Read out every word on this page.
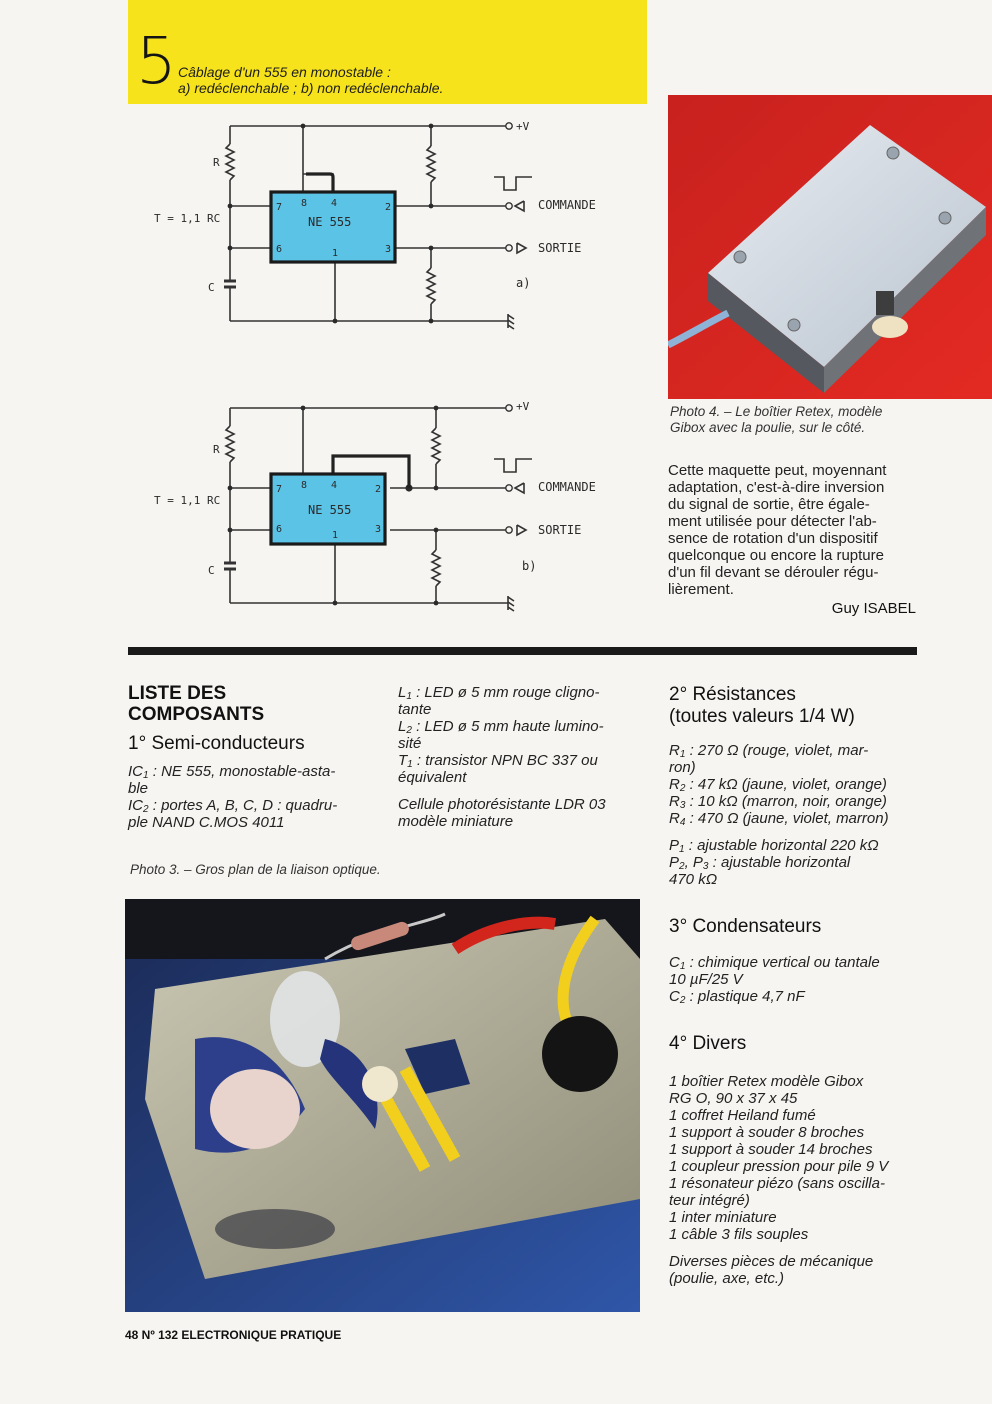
5 Câblage d'un 555 en monostable :
a) redéclenchable ; b) non redéclenchable.
NE 555
8 4
7	2
6	1	3
R
C
T = 1,1 RC
+V
COMMANDE
SORTIE
a)
NE 555
8 4
7	2
6
1
3
R
C
T = 1,1 RC
+V
COMMANDE
SORTIE
b)
Photo 4. – Le boîtier Retex, modèle
Gibox avec la poulie, sur le côté.
Cette maquette peut, moyennant
adaptation, c'est-à-dire inversion
du signal de sortie, être égale-
ment utilisée pour détecter l'ab-
sence de rotation d'un dispositif
quelconque ou encore la rupture
d'un fil devant se dérouler régu-
lièrement.
Guy ISABEL
LISTE DES
COMPOSANTS
1° Semi-conducteurs
$IC_1$ : NE 555, monostable-asta-
ble
$IC_2$ : portes A, B, C, D : quadru-
ple NAND C.MOS 4011
$L_1$ : LED ø 5 mm rouge cligno-
tante
$L_2$ : LED ø 5 mm haute lumino-
sité
$T_1$ : transistor NPN BC 337 ou
équivalent
Cellule photorésistante LDR 03
modèle miniature
Photo 3. – Gros plan de la liaison optique.
2° Résistances
(toutes valeurs 1/4 W)
$R_1$ : 270 Ω (rouge, violet, mar-
ron)
$R_2$ : 47 kΩ (jaune, violet, orange)
$R_3$ : 10 kΩ (marron, noir, orange)
$R_4$ : 470 Ω (jaune, violet, marron)
$P_1$ : ajustable horizontal 220 kΩ
$P_2$, $P_3$ : ajustable horizontal
470 kΩ
3° Condensateurs
$C_1$ : chimique vertical ou tantale
10 µF/25 V
$C_2$ : plastique 4,7 nF
4° Divers
1 boîtier Retex modèle Gibox
RG O, 90 x 37 x 45
1 coffret Heiland fumé
1 support à souder 8 broches
1 support à souder 14 broches
1 coupleur pression pour pile 9 V
1 résonateur piézo (sans oscilla-
teur intégré)
1 inter miniature
1 câble 3 fils souples
Diverses pièces de mécanique
(poulie, axe, etc.)
48 Nº 132 ELECTRONIQUE PRATIQUE
